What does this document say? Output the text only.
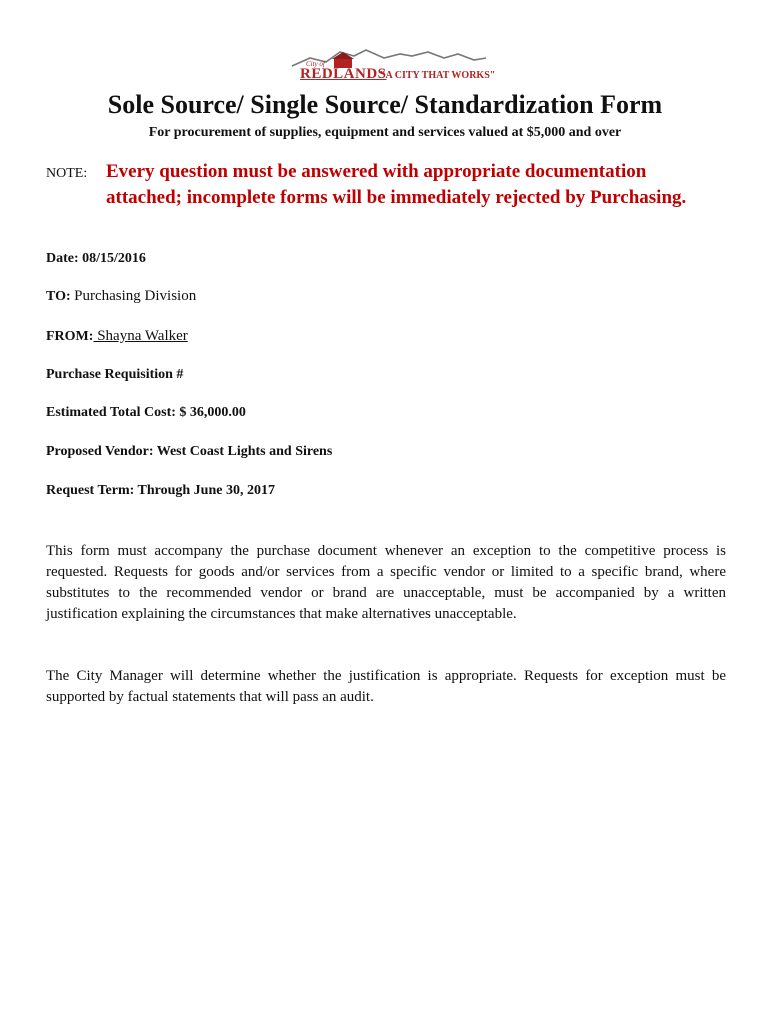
City of
REDLANDS
"A CITY THAT WORKS"
Sole Source/ Single Source/ Standardization Form
For procurement of supplies, equipment and services valued at $5,000 and over
NOTE: Every question must be answered with appropriate documentation
attached; incomplete forms will be immediately rejected by Purchasing.
Date: 08/15/2016
TO: Purchasing Division
FROM: Shayna Walker
Purchase Requisition #
Estimated Total Cost: $ 36,000.00
Proposed Vendor: West Coast Lights and Sirens
Request Term: Through June 30, 2017
This form must accompany the purchase document whenever an exception to the competitive process is requested. Requests for goods and/or services from a specific vendor or limited to a specific brand, where substitutes to the recommended vendor or brand are unacceptable, must be accompanied by a written justification explaining the circumstances that make alternatives unacceptable.
The City Manager will determine whether the justification is appropriate. Requests for exception must be supported by factual statements that will pass an audit.
